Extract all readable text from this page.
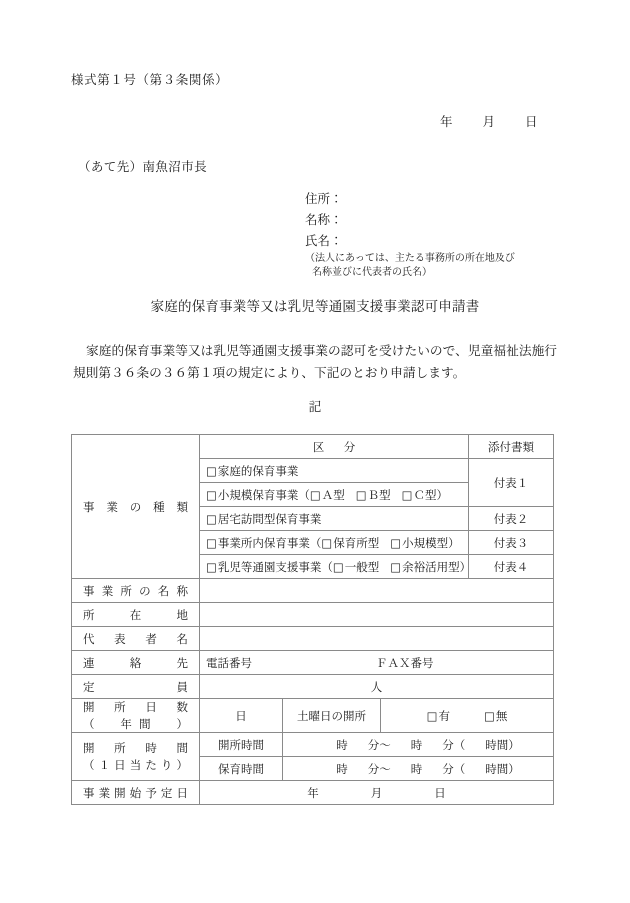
様式第１号（第３条関係）
年 月 日
（あて先）南魚沼市長
住所：
名称：
氏名：
（法人にあっては、主たる事務所の所在地及び
名称並びに代表者の氏名）
家庭的保育事業等又は乳児等通園支援事業認可申請書
家庭的保育事業等又は乳児等通園支援事業の認可を受けたいので、児童福祉法施行規則第３６条の３６第１項の規定により、下記のとおり申請します。
記
事業の種類	区　分			添付書類
	□家庭的保育事業			付表１
	□小規模保育事業（□Ａ型 □Ｂ型 □Ｃ型）			
	□居宅訪問型保育事業			付表２
	□事業所内保育事業（□保育所型 □小規模型）			付表３
	□乳児等通園支援事業（□一般型 □余裕活用型）			付表４
事業所の名称				
所在地				
代表者名				
連絡先	電話番号 ＦＡＸ番号			
定員	人			

開所日数
（　年間　）	日	土曜日の開所	□有 □無	

開所時間
（１日当たり）	開所時間	時 分～ 時 分（ 時間）		
	保育時間	時 分～ 時 分（ 時間）		
事業開始予定日	年 月 日			
